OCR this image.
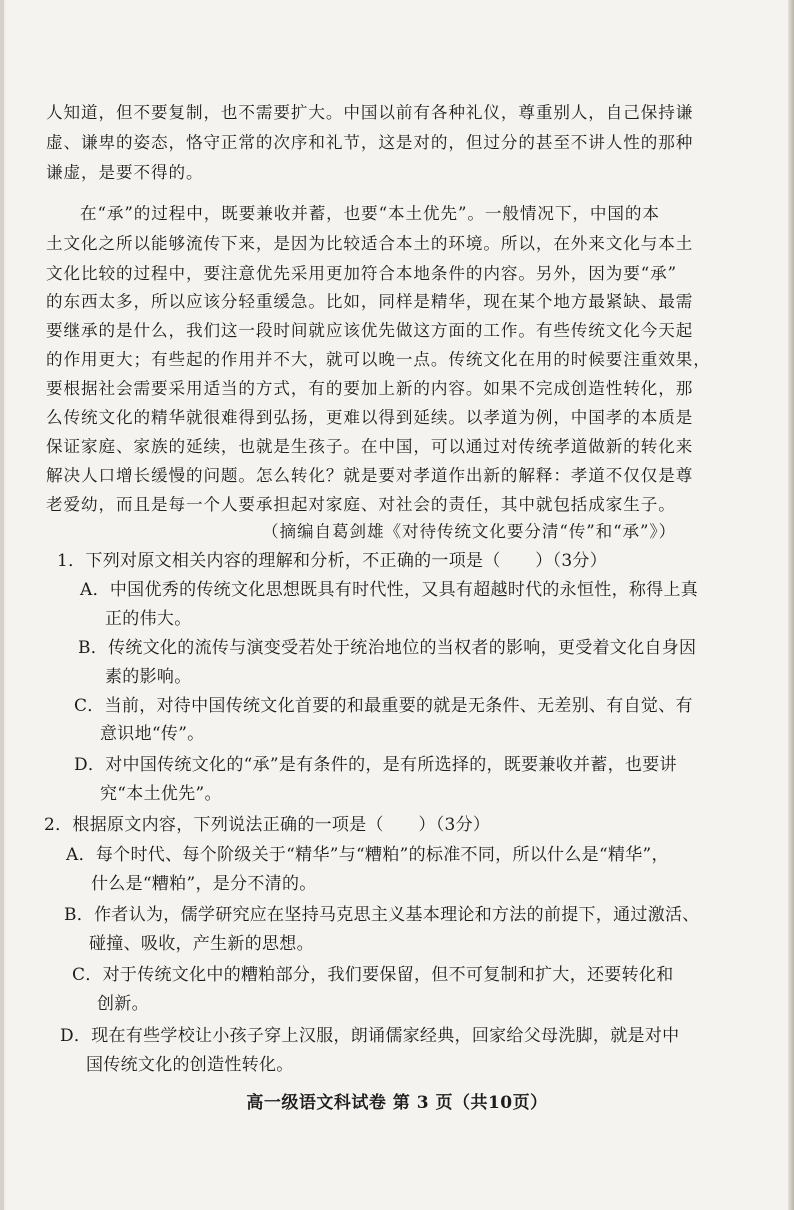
人知道，但不要复制，也不需要扩大。中国以前有各种礼仪，尊重别人，自己保持谦
虚、谦卑的姿态，恪守正常的次序和礼节，这是对的，但过分的甚至不讲人性的那种
谦虚，是要不得的。
在“承”的过程中，既要兼收并蓄，也要“本土优先”。一般情况下，中国的本
土文化之所以能够流传下来，是因为比较适合本土的环境。所以，在外来文化与本土
文化比较的过程中，要注意优先采用更加符合本地条件的内容。另外，因为要“承”
的东西太多，所以应该分轻重缓急。比如，同样是精华，现在某个地方最紧缺、最需
要继承的是什么，我们这一段时间就应该优先做这方面的工作。有些传统文化今天起
的作用更大；有些起的作用并不大，就可以晚一点。传统文化在用的时候要注重效果，
要根据社会需要采用适当的方式，有的要加上新的内容。如果不完成创造性转化，那
么传统文化的精华就很难得到弘扬，更难以得到延续。以孝道为例，中国孝的本质是
保证家庭、家族的延续，也就是生孩子。在中国，可以通过对传统孝道做新的转化来
解决人口增长缓慢的问题。怎么转化？就是要对孝道作出新的解释：孝道不仅仅是尊
老爱幼，而且是每一个人要承担起对家庭、对社会的责任，其中就包括成家生子。
（摘编自葛剑雄《对待传统文化要分清“传”和“承”》）
1．下列对原文相关内容的理解和分析，不正确的一项是（　　）（3分）
A．中国优秀的传统文化思想既具有时代性，又具有超越时代的永恒性，称得上真
正的伟大。
B．传统文化的流传与演变受若处于统治地位的当权者的影响，更受着文化自身因
素的影响。
C．当前，对待中国传统文化首要的和最重要的就是无条件、无差别、有自觉、有
意识地“传”。
D．对中国传统文化的“承”是有条件的，是有所选择的，既要兼收并蓄，也要讲
究“本土优先”。
2．根据原文内容，下列说法正确的一项是（　　）（3分）
A．每个时代、每个阶级关于“精华”与“糟粕”的标准不同，所以什么是“精华”，
什么是“糟粕”，是分不清的。
B．作者认为，儒学研究应在坚持马克思主义基本理论和方法的前提下，通过激活、
碰撞、吸收，产生新的思想。
C．对于传统文化中的糟粕部分，我们要保留，但不可复制和扩大，还要转化和
创新。
D．现在有些学校让小孩子穿上汉服，朗诵儒家经典，回家给父母洗脚，就是对中
国传统文化的创造性转化。
高一级语文科试卷 第 3 页（共10页）
